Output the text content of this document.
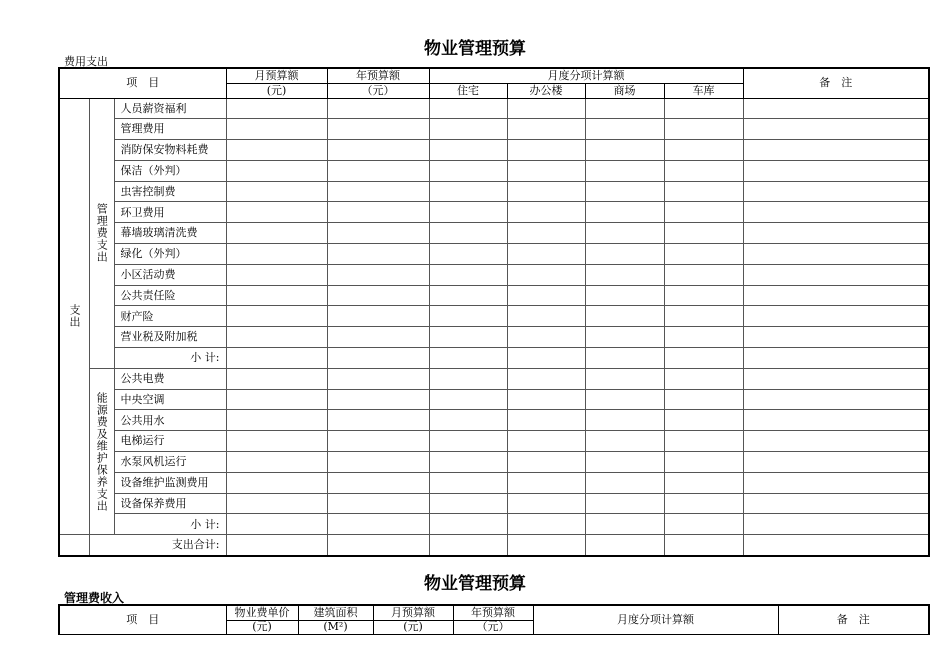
物业管理预算
费用支出
项　目			月预算额	年预算额	月度分项计算额				备　注
			(元)	（元）	住宅	办公楼	商场	车库	
支出	管理费支出	人员薪资福利							
		管理费用							
		消防保安物料耗费							
		保洁（外判）							
		虫害控制费							
		环卫费用							
		幕墙玻璃清洗费							
		绿化（外判）							
		小区活动费							
		公共责任险							
		财产险							
		营业税及附加税							
		小 计:							
	能源费及维护保养支出	公共电费							
		中央空调							
		公共用水							
		电梯运行							
		水泵风机运行							
		设备维护监测费用							
		设备保养费用							
		小 计:							
	支出合计:								
物业管理预算
管理费收入
项　目	物业费单价	建筑面积	月预算额	年预算额	月度分项计算额	备　注
	(元)	(M²)	(元)	（元）		
